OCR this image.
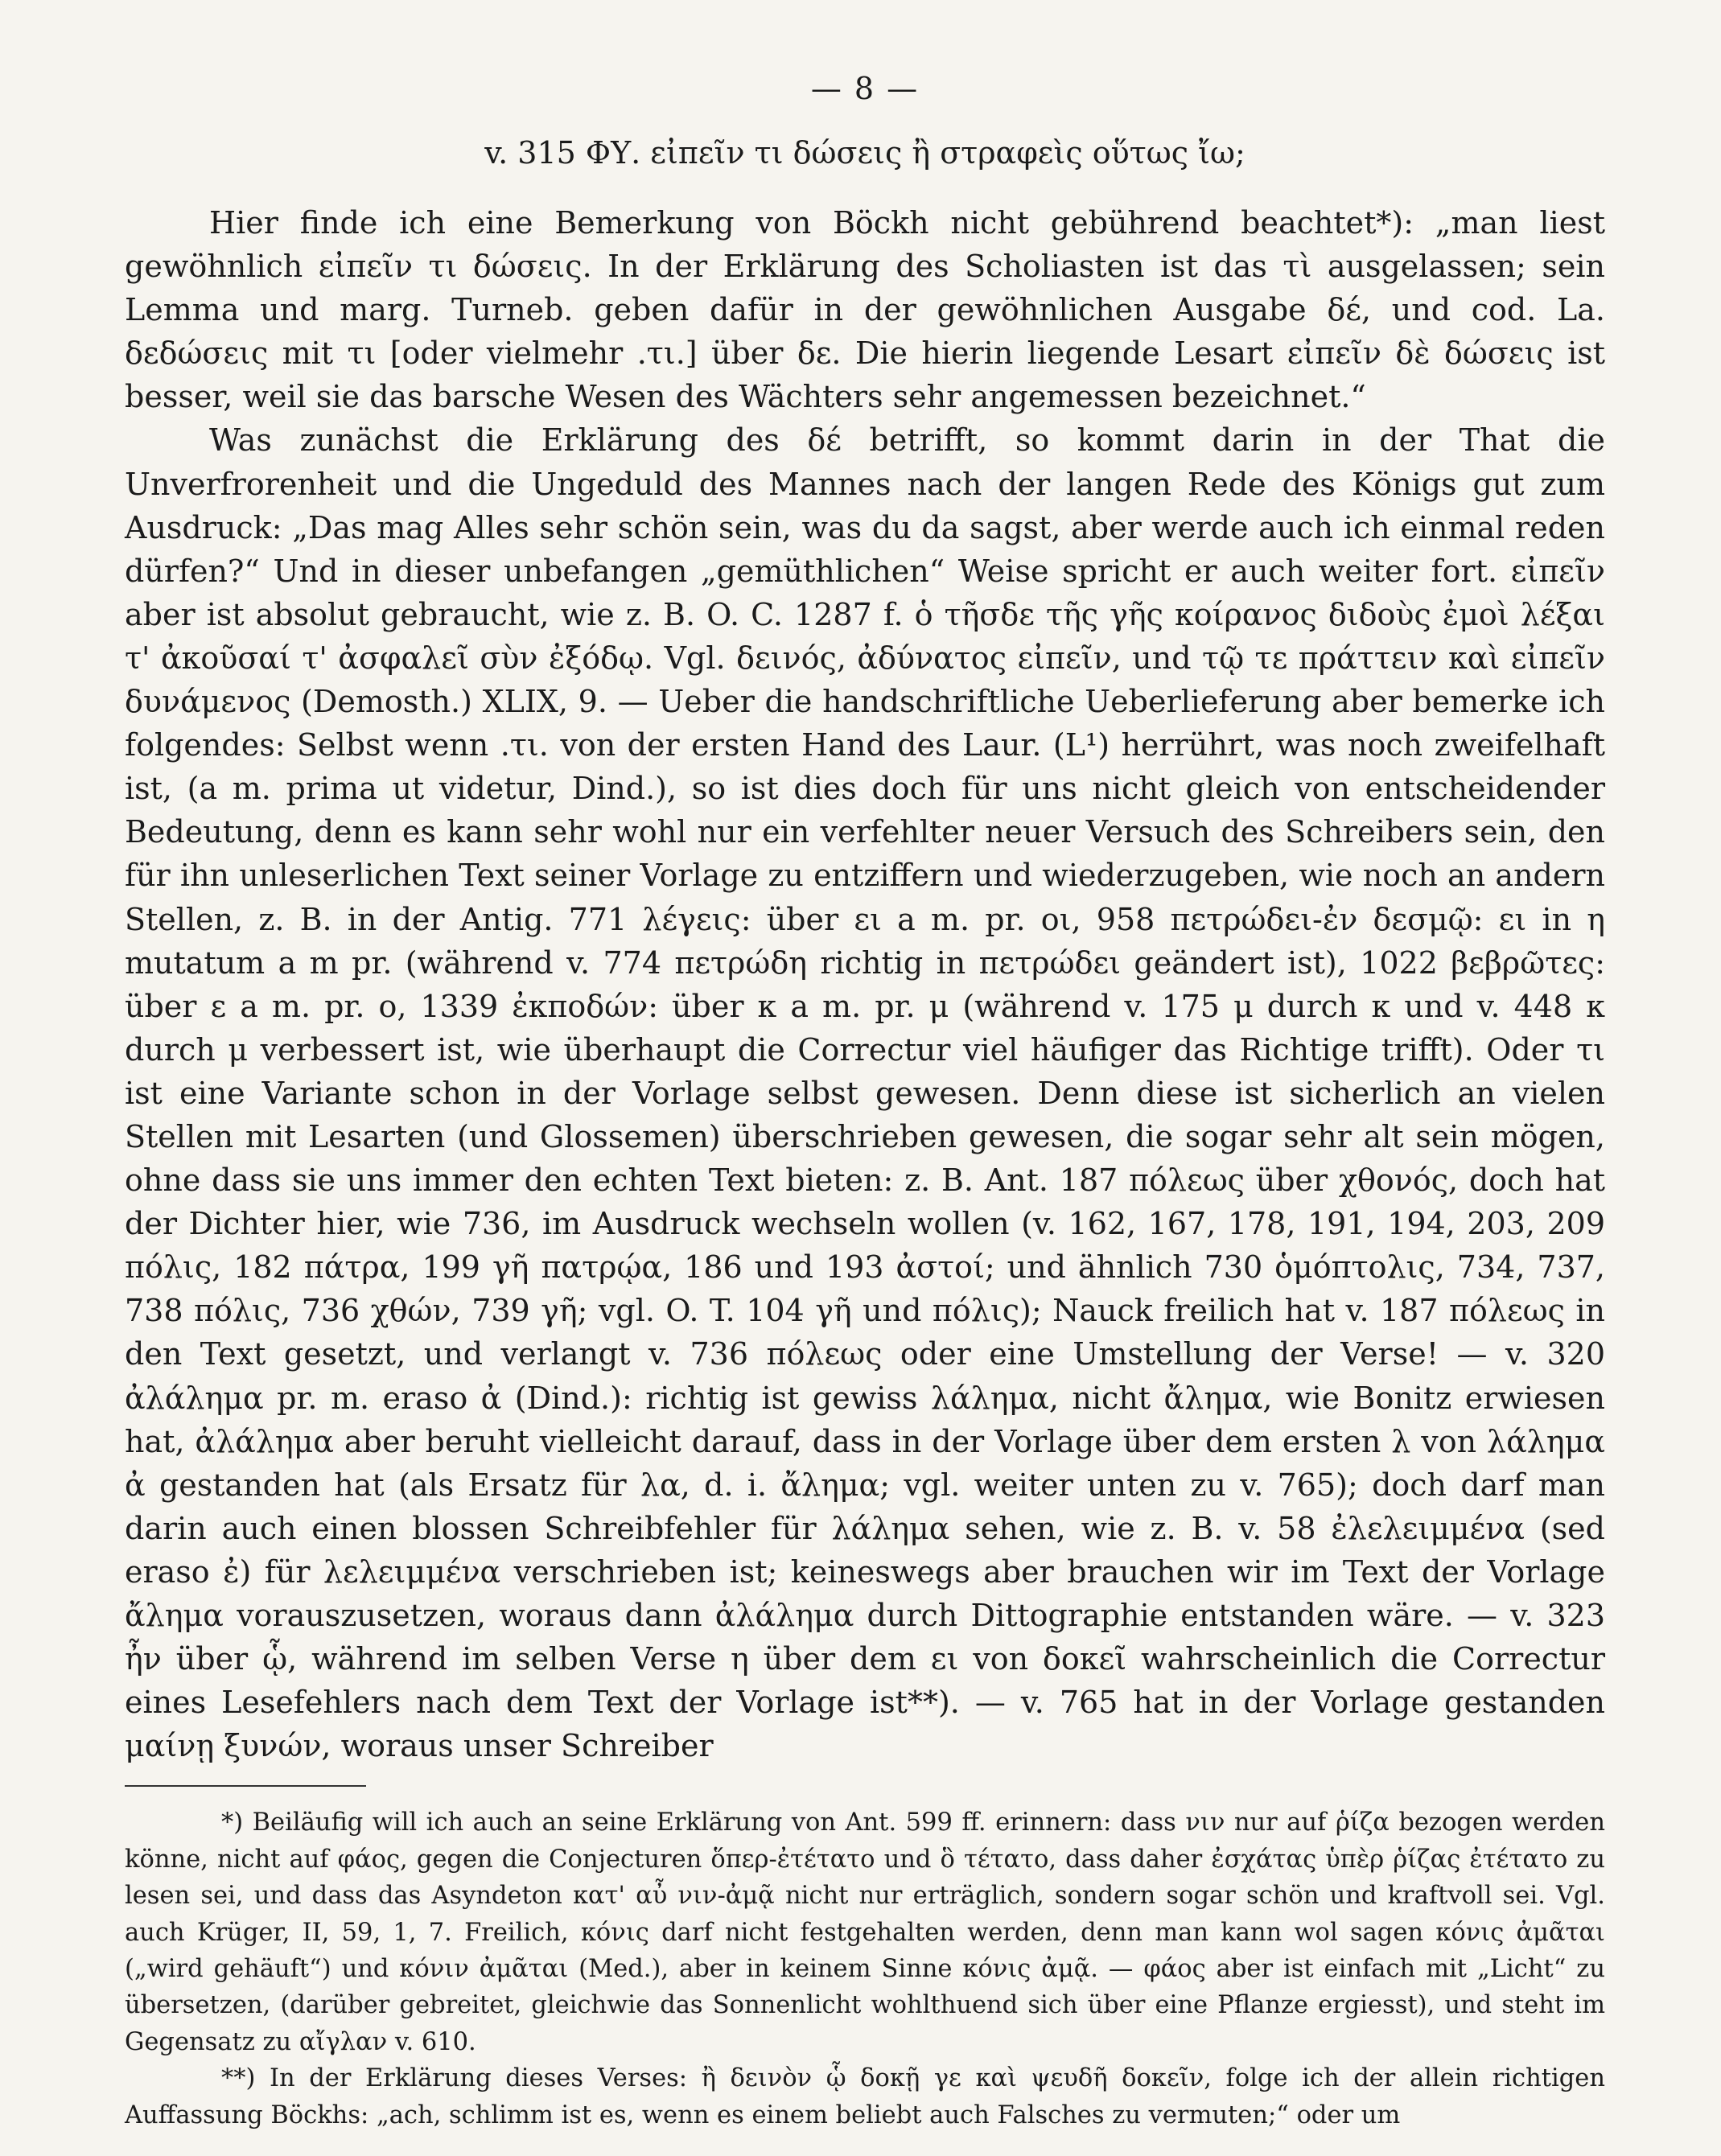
— 8 —
v. 315 ΦΥ. εἰπεῖν τι δώσεις ἢ στραφεὶς οὕτως ἴω;

Hier finde ich eine Bemerkung von Böckh nicht gebührend beachtet*): „man liest gewöhnlich εἰπεῖν τι δώσεις. In der Erklärung des Scholiasten ist das τὶ ausgelassen; sein Lemma und marg. Turneb. geben dafür in der gewöhnlichen Ausgabe δέ, und cod. La. δεδώσεις mit τι [oder vielmehr .τι.] über δε. Die hierin liegende Lesart εἰπεῖν δὲ δώσεις ist besser, weil sie das barsche Wesen des Wächters sehr angemessen bezeichnet.“

Was zunächst die Erklärung des δέ betrifft, so kommt darin in der That die Unverfrorenheit und die Ungeduld des Mannes nach der langen Rede des Königs gut zum Ausdruck: „Das mag Alles sehr schön sein, was du da sagst, aber werde auch ich einmal reden dürfen?“ Und in dieser unbefangen „gemüthlichen“ Weise spricht er auch weiter fort. εἰπεῖν aber ist absolut gebraucht, wie z. B. O. C. 1287 f. ὁ τῆσδε τῆς γῆς κοίρανος διδοὺς ἐμοὶ λέξαι τ' ἀκοῦσαί τ' ἀσφαλεῖ σὺν ἐξόδῳ. Vgl. δεινός, ἀδύνατος εἰπεῖν, und τῷ τε πράττειν καὶ εἰπεῖν δυνάμενος (Demosth.) XLIX, 9. — Ueber die handschriftliche Ueberlieferung aber bemerke ich folgendes: Selbst wenn .τι. von der ersten Hand des Laur. (L¹) herrührt, was noch zweifelhaft ist, (a m. prima ut videtur, Dind.), so ist dies doch für uns nicht gleich von entscheidender Bedeutung, denn es kann sehr wohl nur ein verfehlter neuer Versuch des Schreibers sein, den für ihn unleserlichen Text seiner Vorlage zu entziffern und wiederzugeben, wie noch an andern Stellen, z. B. in der Antig. 771 λέγεις: über ει a m. pr. οι, 958 πετρώδει-ἐν δεσμῷ: ει in η mutatum a m pr. (während v. 774 πετρώδη richtig in πετρώδει geändert ist), 1022 βεβρῶτες: über ε a m. pr. ο, 1339 ἐκποδών: über κ a m. pr. μ (während v. 175 μ durch κ und v. 448 κ durch μ verbessert ist, wie überhaupt die Correctur viel häufiger das Richtige trifft). Oder τι ist eine Variante schon in der Vorlage selbst gewesen. Denn diese ist sicherlich an vielen Stellen mit Lesarten (und Glossemen) überschrieben gewesen, die sogar sehr alt sein mögen, ohne dass sie uns immer den echten Text bieten: z. B. Ant. 187 πόλεως über χθονός, doch hat der Dichter hier, wie 736, im Ausdruck wechseln wollen (v. 162, 167, 178, 191, 194, 203, 209 πόλις, 182 πάτρα, 199 γῆ πατρῴα, 186 und 193 ἀστοί; und ähnlich 730 ὁμόπτολις, 734, 737, 738 πόλις, 736 χθών, 739 γῆ; vgl. O. T. 104 γῆ und πόλις); Nauck freilich hat v. 187 πόλεως in den Text gesetzt, und verlangt v. 736 πόλεως oder eine Umstellung der Verse! — v. 320 ἀλάλημα pr. m. eraso ἀ (Dind.): richtig ist gewiss λάλημα, nicht ἄλημα, wie Bonitz erwiesen hat, ἀλάλημα aber beruht vielleicht darauf, dass in der Vorlage über dem ersten λ von λάλημα ἀ gestanden hat (als Ersatz für λα, d. i. ἄλημα; vgl. weiter unten zu v. 765); doch darf man darin auch einen blossen Schreibfehler für λάλημα sehen, wie z. B. v. 58 ἐλελειμμένα (sed eraso ἐ) für λελειμμένα verschrieben ist; keineswegs aber brauchen wir im Text der Vorlage ἄλημα vorauszusetzen, woraus dann ἀλάλημα durch Dittographie entstanden wäre. — v. 323 ἦν über ᾧ, während im selben Verse η über dem ει von δοκεῖ wahrscheinlich die Correctur eines Lesefehlers nach dem Text der Vorlage ist**). — v. 765 hat in der Vorlage gestanden μαίνῃ ξυνών, woraus unser Schreiber

*) Beiläufig will ich auch an seine Erklärung von Ant. 599 ff. erinnern: dass νιν nur auf ῥίζα bezogen werden könne, nicht auf φάος, gegen die Conjecturen ὅπερ-ἐτέτατο und ὃ τέτατο, dass daher ἐσχάτας ὑπὲρ ῥίζας ἐτέτατο zu lesen sei, und dass das Asyndeton κατ' αὖ νιν-ἀμᾷ nicht nur erträglich, sondern sogar schön und kraftvoll sei. Vgl. auch Krüger, II, 59, 1, 7. Freilich, κόνις darf nicht festgehalten werden, denn man kann wol sagen κόνις ἀμᾶται („wird gehäuft“) und κόνιν ἀμᾶται (Med.), aber in keinem Sinne κόνις ἀμᾷ. — φάος aber ist einfach mit „Licht“ zu übersetzen, (darüber gebreitet, gleichwie das Sonnenlicht wohlthuend sich über eine Pflanze ergiesst), und steht im Gegensatz zu αἴγλαν v. 610.

**) In der Erklärung dieses Verses: ἢ δεινὸν ᾧ δοκῇ γε καὶ ψευδῆ δοκεῖν, folge ich der allein richtigen Auffassung Böckhs: „ach, schlimm ist es, wenn es einem beliebt auch Falsches zu vermuten;“ oder um
